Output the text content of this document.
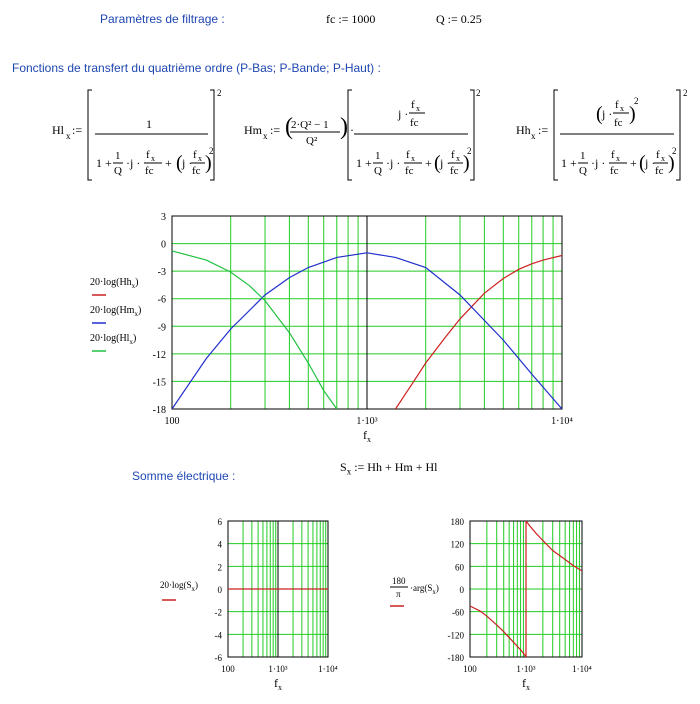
Paramètres de filtrage :	fc := 1000	Q := 0.25
Fonctions de transfert du quatrième ordre (P-Bas; P-Bande; P-Haut) :
Hl x :=
2
1
1 + 1
Q
·j ·
f x
fc
+ ( j ·
f x
fc )
2
Hm x := (
2·Q² − 1
Q²
) ·
2
j ·
f x
fc
1 + 1
Q
·j ·
f x
fc
+ ( j ·
f x
fc )
2
Hh x :=
2
( j ·
f x
fc )
2
1 + 1
Q
·j ·
f x
fc
+ ( j ·
f x
fc )
2
3
0
-3
-6
-9
-12
-15
-18
100	1·10³	1·10⁴
$f_x$
$20\cdot\log(Hh_x)$
$20\cdot\log(Hm_x)$
$20\cdot\log(Hl_x)$
Somme électrique :
$S_x$ := Hh + Hm + Hl
6
4
2
0
-2
-4
-6
100	1·10³	1·10⁴
$f_x$
$20\cdot\log(S_x)$
180
120
60
0
-60
-120
-180
100	1·10³	1·10⁴
$f_x$
180
π
$\cdot arg(S_x)$
